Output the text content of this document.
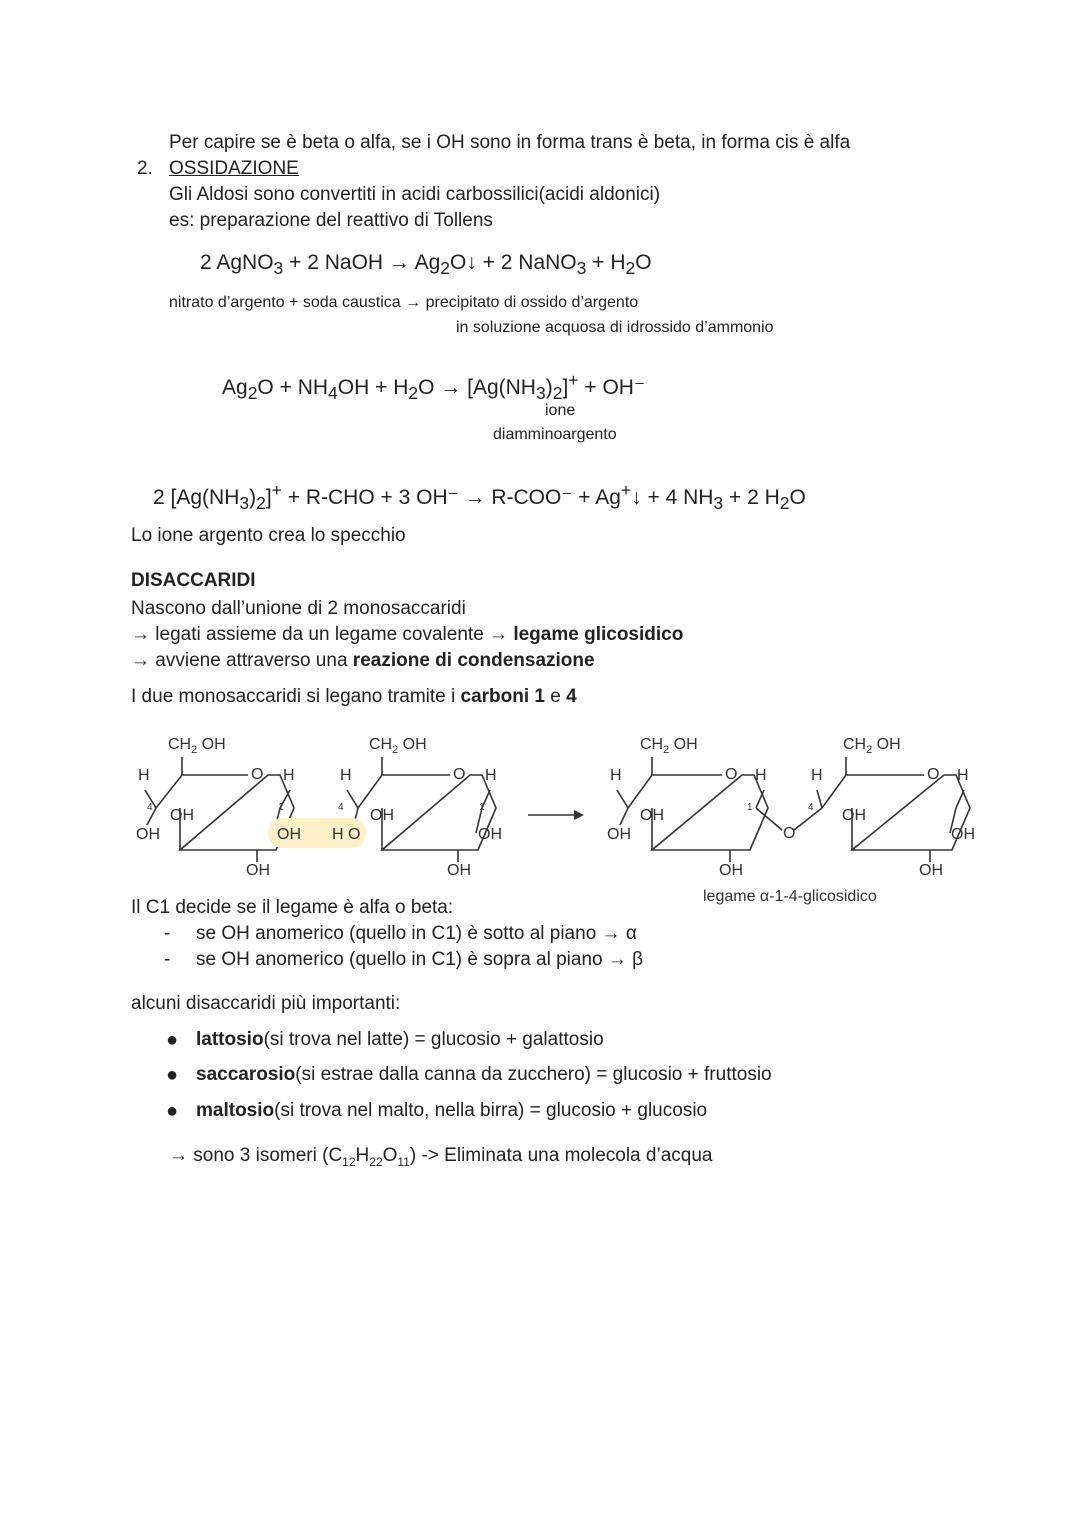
Per capire se è beta o alfa, se i OH sono in forma trans è beta, in forma cis è alfa
2. OSSIDAZIONE
Gli Aldosi sono convertiti in acidi carbossilici(acidi aldonici)
es: preparazione del reattivo di Tollens
2 AgNO$_3$ + 2 NaOH → $Ag_2O↓ + 2$ NaNO$_3$ + $H_2O$
nitrato d’argento + soda caustica → precipitato di ossido d’argento
in soluzione acquosa di idrossido d’ammonio
$Ag_2O + NH_4OH + H_2O \to [Ag(NH_3)_2]^+ + OH^-$
ione
diamminoargento
2 $[Ag(NH_3)_2]^+ + R-CHO + 3$ OH⁻ → R-COO⁻ + Ag+↓ + 4 $NH_3 + 2$ $H_2O$
Lo ione argento crea lo specchio
DISACCARIDI
Nascono dall’unione di 2 monosaccaridi
→ legati assieme da un legame covalente → legame glicosidico
→ avviene attraverso una reazione di condensazione
I due monosaccaridi si legano tramite i carboni 1 e 4
$CH_2$ OH
H	O H
4
OH
OH	1
OH
OH
$CH_2$ OH
H	O H
4
H O
OH	1
OH
OH
$CH_2$ OH
H	O H
OH
OH	1
OH
O
$CH_2$ OH
H	O H
4 OH
OH
OH
legame α-1-4-glicosidico
Il C1 decide se il legame è alfa o beta:
- se OH anomerico (quello in C1) è sotto al piano → α
- se OH anomerico (quello in C1) è sopra al piano → β
alcuni disaccaridi più importanti:
● lattosio(si trova nel latte) = glucosio + galattosio
● saccarosio(si estrae dalla canna da zucchero) = glucosio + fruttosio
● maltosio(si trova nel malto, nella birra) = glucosio + glucosio
→ sono 3 isomeri $(C_{12}H_{22}O_{11})$ -> Eliminata una molecola d’acqua
